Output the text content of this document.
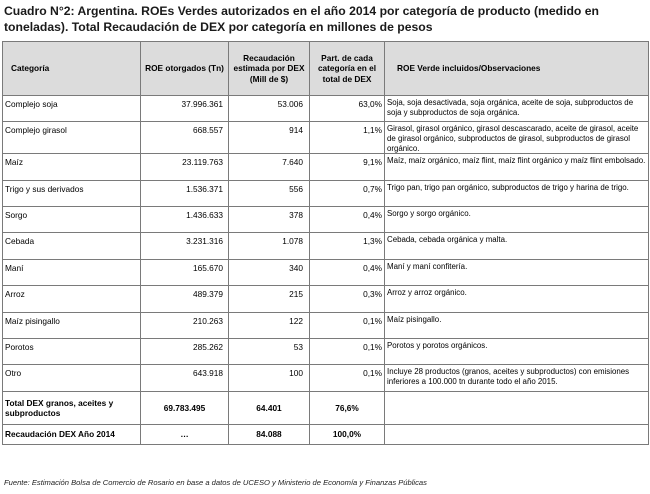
Cuadro N°2: Argentina. ROEs Verdes autorizados en el año 2014 por categoría de producto (medido en toneladas). Total Recaudación de DEX por categoría en millones de pesos
Categoría	ROE otorgados (Tn)	Recaudación estimada por DEX (Mill de $)	Part. de cada categoría en el total de DEX	ROE Verde incluidos/Observaciones
Complejo soja	37.996.361	53.006	63,0%	Soja, soja desactivada, soja orgánica, aceite de soja, subproductos de soja y subproductos de soja orgánica.
Complejo girasol	668.557	914	1,1%	Girasol, girasol orgánico, girasol descascarado, aceite de girasol, aceite de girasol orgánico, subproductos de girasol, subproductos de girasol orgánico.
Maíz	23.119.763	7.640	9,1%	Maíz, maíz orgánico, maíz flint, maíz flint orgánico y maíz flint embolsado.
Trigo y sus derivados	1.536.371	556	0,7%	Trigo pan, trigo pan orgánico, subproductos de trigo y harina de trigo.
Sorgo	1.436.633	378	0,4%	Sorgo y sorgo orgánico.
Cebada	3.231.316	1.078	1,3%	Cebada, cebada orgánica y malta.
Maní	165.670	340	0,4%	Maní y maní confitería.
Arroz	489.379	215	0,3%	Arroz y arroz orgánico.
Maíz pisingallo	210.263	122	0,1%	Maíz pisingallo.
Porotos	285.262	53	0,1%	Porotos y porotos orgánicos.
Otro	643.918	100	0,1%	Incluye 28 productos (granos, aceites y subproductos) con emisiones inferiores a 100.000 tn durante todo el año 2015.
Total DEX granos, aceites y subproductos	69.783.495	64.401	76,6%	
Recaudación DEX Año 2014	…	84.088	100,0%	
Fuente: Estimación Bolsa de Comercio de Rosario en base a datos de UCESO y Ministerio de Economía y Finanzas Públicas
